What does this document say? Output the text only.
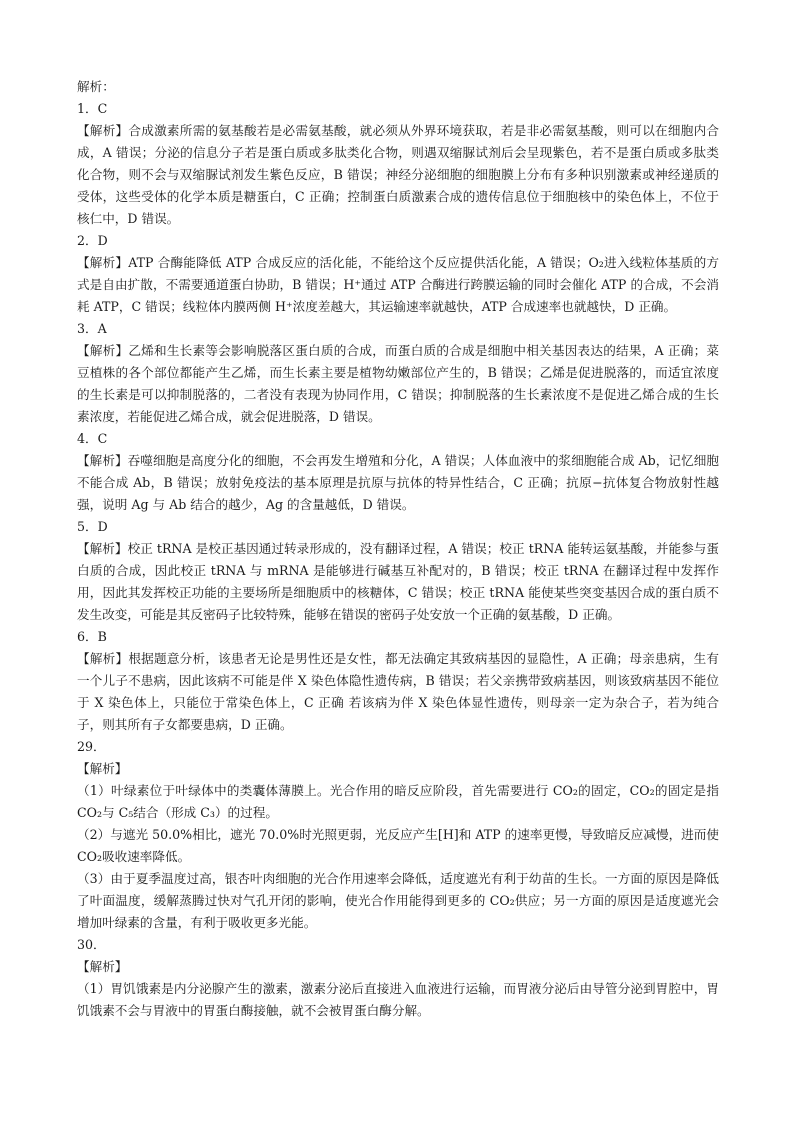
解析：
1．C
【解析】合成激素所需的氨基酸若是必需氨基酸，就必须从外界环境获取，若是非必需氨基酸，则可以在细胞内合成，A 错误；分泌的信息分子若是蛋白质或多肽类化合物，则遇双缩脲试剂后会呈现紫色，若不是蛋白质或多肽类化合物，则不会与双缩脲试剂发生紫色反应，B 错误；神经分泌细胞的细胞膜上分布有多种识别激素或神经递质的受体，这些受体的化学本质是糖蛋白，C 正确；控制蛋白质激素合成的遗传信息位于细胞核中的染色体上，不位于核仁中，D 错误。
2．D
【解析】ATP 合酶能降低 ATP 合成反应的活化能，不能给这个反应提供活化能，A 错误；O₂进入线粒体基质的方式是自由扩散，不需要通道蛋白协助，B 错误；H⁺通过 ATP 合酶进行跨膜运输的同时会催化 ATP 的合成，不会消耗 ATP，C 错误；线粒体内膜两侧 H⁺浓度差越大，其运输速率就越快，ATP 合成速率也就越快，D 正确。
3．A
【解析】乙烯和生长素等会影响脱落区蛋白质的合成，而蛋白质的合成是细胞中相关基因表达的结果，A 正确；菜豆植株的各个部位都能产生乙烯，而生长素主要是植物幼嫩部位产生的，B 错误；乙烯是促进脱落的，而适宜浓度的生长素是可以抑制脱落的，二者没有表现为协同作用，C 错误；抑制脱落的生长素浓度不是促进乙烯合成的生长素浓度，若能促进乙烯合成，就会促进脱落，D 错误。
4．C
【解析】吞噬细胞是高度分化的细胞，不会再发生增殖和分化，A 错误；人体血液中的浆细胞能合成 Ab，记忆细胞不能合成 Ab，B 错误；放射免疫法的基本原理是抗原与抗体的特异性结合，C 正确；抗原−抗体复合物放射性越强，说明 Ag 与 Ab 结合的越少，Ag 的含量越低，D 错误。
5．D
【解析】校正 tRNA 是校正基因通过转录形成的，没有翻译过程，A 错误；校正 tRNA 能转运氨基酸，并能参与蛋白质的合成，因此校正 tRNA 与 mRNA 是能够进行碱基互补配对的，B 错误；校正 tRNA 在翻译过程中发挥作用，因此其发挥校正功能的主要场所是细胞质中的核糖体，C 错误；校正 tRNA 能使某些突变基因合成的蛋白质不发生改变，可能是其反密码子比较特殊，能够在错误的密码子处安放一个正确的氨基酸，D 正确。
6．B
【解析】根据题意分析，该患者无论是男性还是女性，都无法确定其致病基因的显隐性，A 正确；母亲患病，生有一个儿子不患病，因此该病不可能是伴 X 染色体隐性遗传病，B 错误；若父亲携带致病基因，则该致病基因不能位于 X 染色体上，只能位于常染色体上，C 正确 若该病为伴 X 染色体显性遗传，则母亲一定为杂合子，若为纯合子，则其所有子女都要患病，D 正确。
29．
【解析】
（1）叶绿素位于叶绿体中的类囊体薄膜上。光合作用的暗反应阶段，首先需要进行 CO₂的固定，CO₂的固定是指 CO₂与 C₅结合（形成 C₃）的过程。
（2）与遮光 50.0%相比，遮光 70.0%时光照更弱，光反应产生[H]和 ATP 的速率更慢，导致暗反应减慢，进而使 CO₂吸收速率降低。
（3）由于夏季温度过高，银杏叶肉细胞的光合作用速率会降低，适度遮光有利于幼苗的生长。一方面的原因是降低了叶面温度，缓解蒸腾过快对气孔开闭的影响，使光合作用能得到更多的 CO₂供应；另一方面的原因是适度遮光会增加叶绿素的含量，有利于吸收更多光能。
30．
【解析】
（1）胃饥饿素是内分泌腺产生的激素，激素分泌后直接进入血液进行运输，而胃液分泌后由导管分泌到胃腔中，胃饥饿素不会与胃液中的胃蛋白酶接触，就不会被胃蛋白酶分解。
